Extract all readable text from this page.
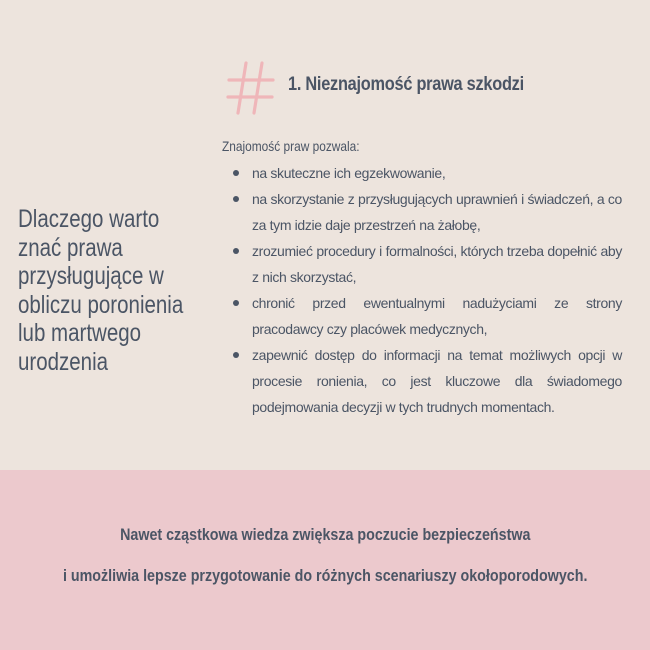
1. Nieznajomość prawa szkodzi
Dlaczego warto znać prawa przysługujące w obliczu poronienia lub martwego urodzenia
Znajomość praw pozwala:
na skuteczne ich egzekwowanie,
na skorzystanie z przysługujących uprawnień i świadczeń, a co za tym idzie daje przestrzeń na żałobę,
zrozumieć procedury i formalności, których trzeba dopełnić aby z nich skorzystać,
chronić przed ewentualnymi nadużyciami ze strony pracodawcy czy placówek medycznych,
zapewnić dostęp do informacji na temat możliwych opcji w procesie ronienia, co jest kluczowe dla świadomego podejmowania decyzji w tych trudnych momentach.
Nawet cząstkowa wiedza zwiększa poczucie bezpieczeństwa
i umożliwia lepsze przygotowanie do różnych scenariuszy okołoporodowych.
